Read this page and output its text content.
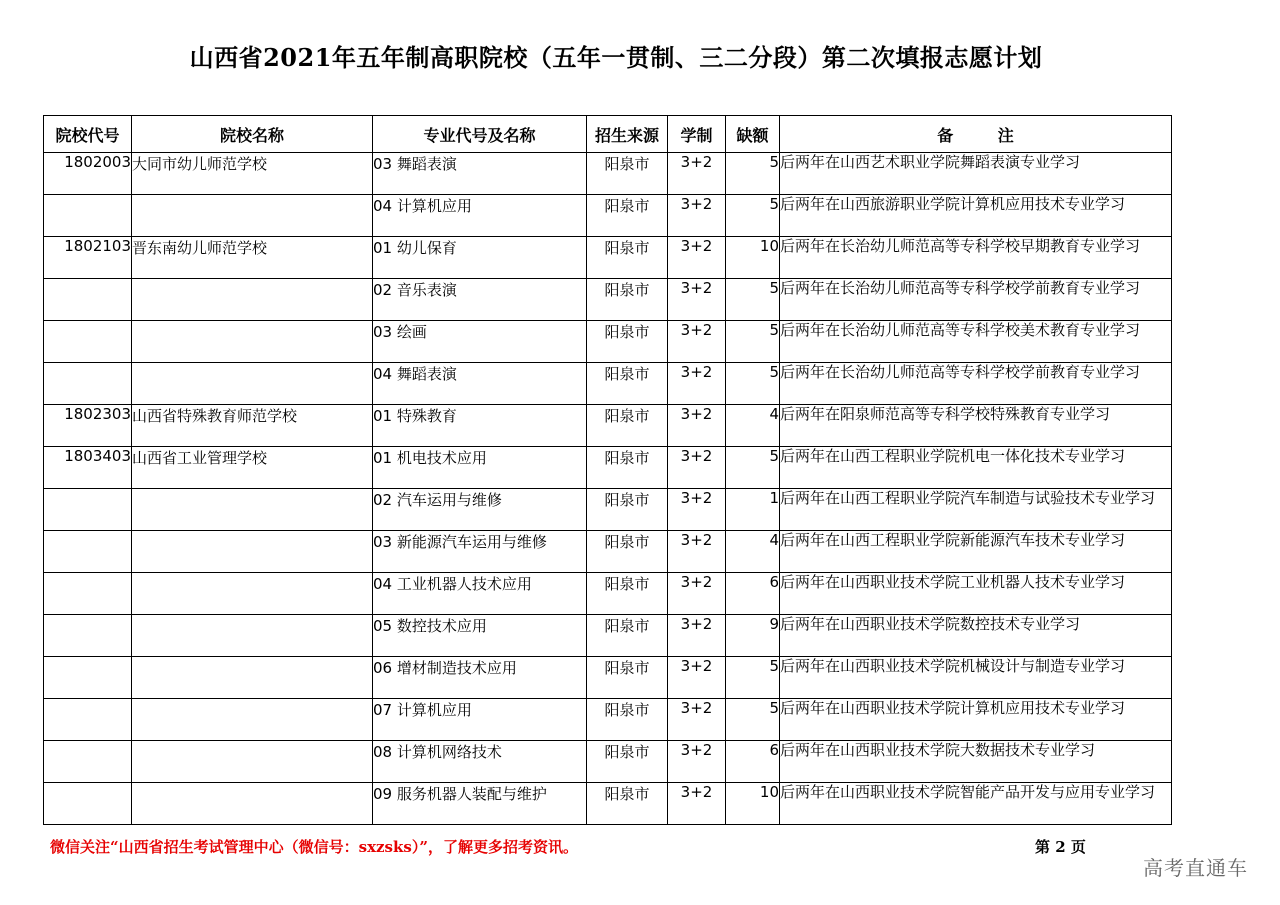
山西省2021年五年制高职院校（五年一贯制、三二分段）第二次填报志愿计划
院校代号	院校名称	专业代号及名称	招生来源	学制	缺额	备        注
1802003	大同市幼儿师范学校	03 舞蹈表演	阳泉市	3+2	5	后两年在山西艺术职业学院舞蹈表演专业学习
		04 计算机应用	阳泉市	3+2	5	后两年在山西旅游职业学院计算机应用技术专业学习
1802103	晋东南幼儿师范学校	01 幼儿保育	阳泉市	3+2	10	后两年在长治幼儿师范高等专科学校早期教育专业学习
		02 音乐表演	阳泉市	3+2	5	后两年在长治幼儿师范高等专科学校学前教育专业学习
		03 绘画	阳泉市	3+2	5	后两年在长治幼儿师范高等专科学校美术教育专业学习
		04 舞蹈表演	阳泉市	3+2	5	后两年在长治幼儿师范高等专科学校学前教育专业学习
1802303	山西省特殊教育师范学校	01 特殊教育	阳泉市	3+2	4	后两年在阳泉师范高等专科学校特殊教育专业学习
1803403	山西省工业管理学校	01 机电技术应用	阳泉市	3+2	5	后两年在山西工程职业学院机电一体化技术专业学习
		02 汽车运用与维修	阳泉市	3+2	1	后两年在山西工程职业学院汽车制造与试验技术专业学习
		03 新能源汽车运用与维修	阳泉市	3+2	4	后两年在山西工程职业学院新能源汽车技术专业学习
		04 工业机器人技术应用	阳泉市	3+2	6	后两年在山西职业技术学院工业机器人技术专业学习
		05 数控技术应用	阳泉市	3+2	9	后两年在山西职业技术学院数控技术专业学习
		06 增材制造技术应用	阳泉市	3+2	5	后两年在山西职业技术学院机械设计与制造专业学习
		07 计算机应用	阳泉市	3+2	5	后两年在山西职业技术学院计算机应用技术专业学习
		08 计算机网络技术	阳泉市	3+2	6	后两年在山西职业技术学院大数据技术专业学习
		09 服务机器人装配与维护	阳泉市	3+2	10	后两年在山西职业技术学院智能产品开发与应用专业学习
微信关注“山西省招生考试管理中心（微信号：sxzsks）”，了解更多招考资讯。	第 2 页
高考直通车
